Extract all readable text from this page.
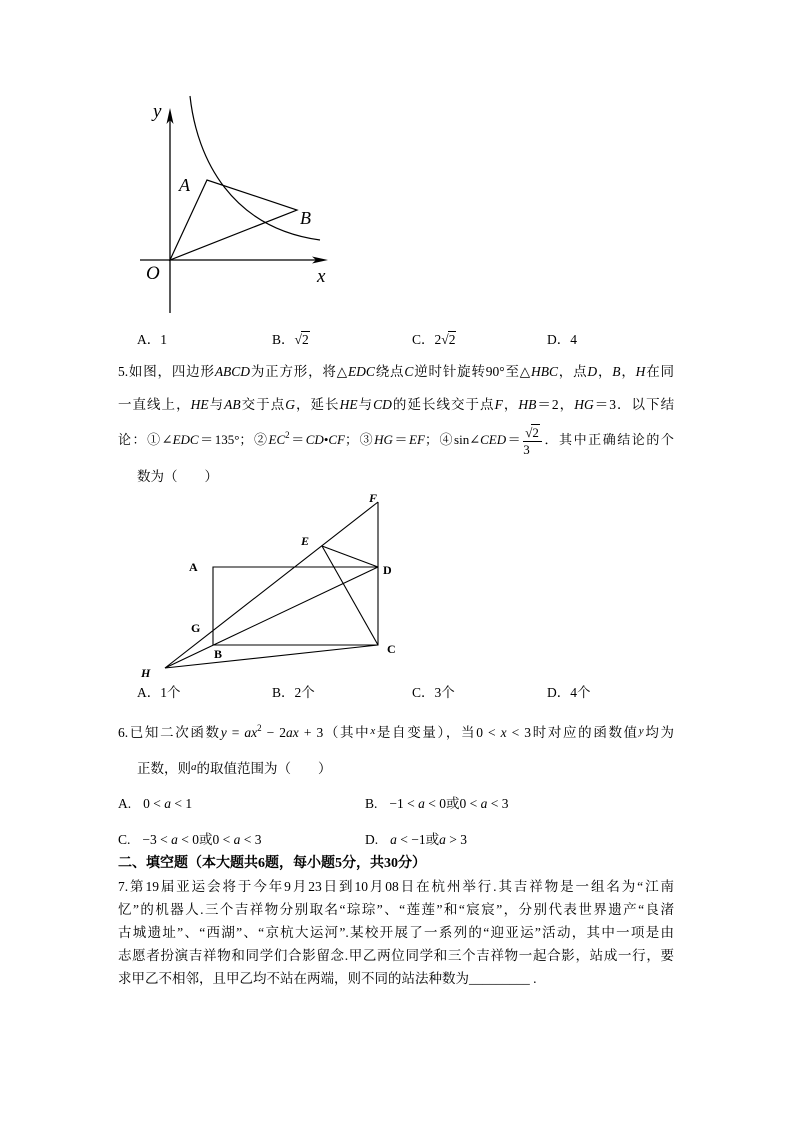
y
A
B
O	x
A．1	B．√2	C．2√2	D．4
5.如图，四边形ABCD为正方形，将△EDC绕点C逆时针旋转90°至△HBC，点D，B，H在同
一直线上，HE与AB交于点G，延长HE与CD的延长线交于点F，HB＝2，HG＝3．以下结
论：①∠EDC＝135°；$②EC^2=CD•CF$；③HG＝EF；④sin∠CED＝ $\frac{√2}{3}$ ．其中正确结论的个
数为（　　）
F
E
A	D
G
B	C
H
A．1个	B．2个	C．3个	D．4个
6.已知二次函数$y = ax^2 - 2ax + 3$（其中$^x$是自变量），当0 < x < 3时对应的函数值$^y$均为
正数，则$^a$的取值范围为（　　）
A. 0 < a < 1	B. −1 < a < 0或0 < a < 3
C. −3 < a < 0或0 < a < 3	D. a < −1或a > 3
二、填空题（本大题共6题，每小题5分，共30分）
7.第19届亚运会将于今年9月23日到10月08日在杭州举行.其吉祥物是一组名为“江南
忆”的机器人.三个吉祥物分别取名“琮琮”、“莲莲”和“宸宸”，分别代表世界遗产“良渚
古城遗址”、“西湖”、“京杭大运河”.某校开展了一系列的“迎亚运”活动，其中一项是由
志愿者扮演吉祥物和同学们合影留念.甲乙两位同学和三个吉祥物一起合影，站成一行，要
求甲乙不相邻，且甲乙均不站在两端，则不同的站法种数为_________ .
